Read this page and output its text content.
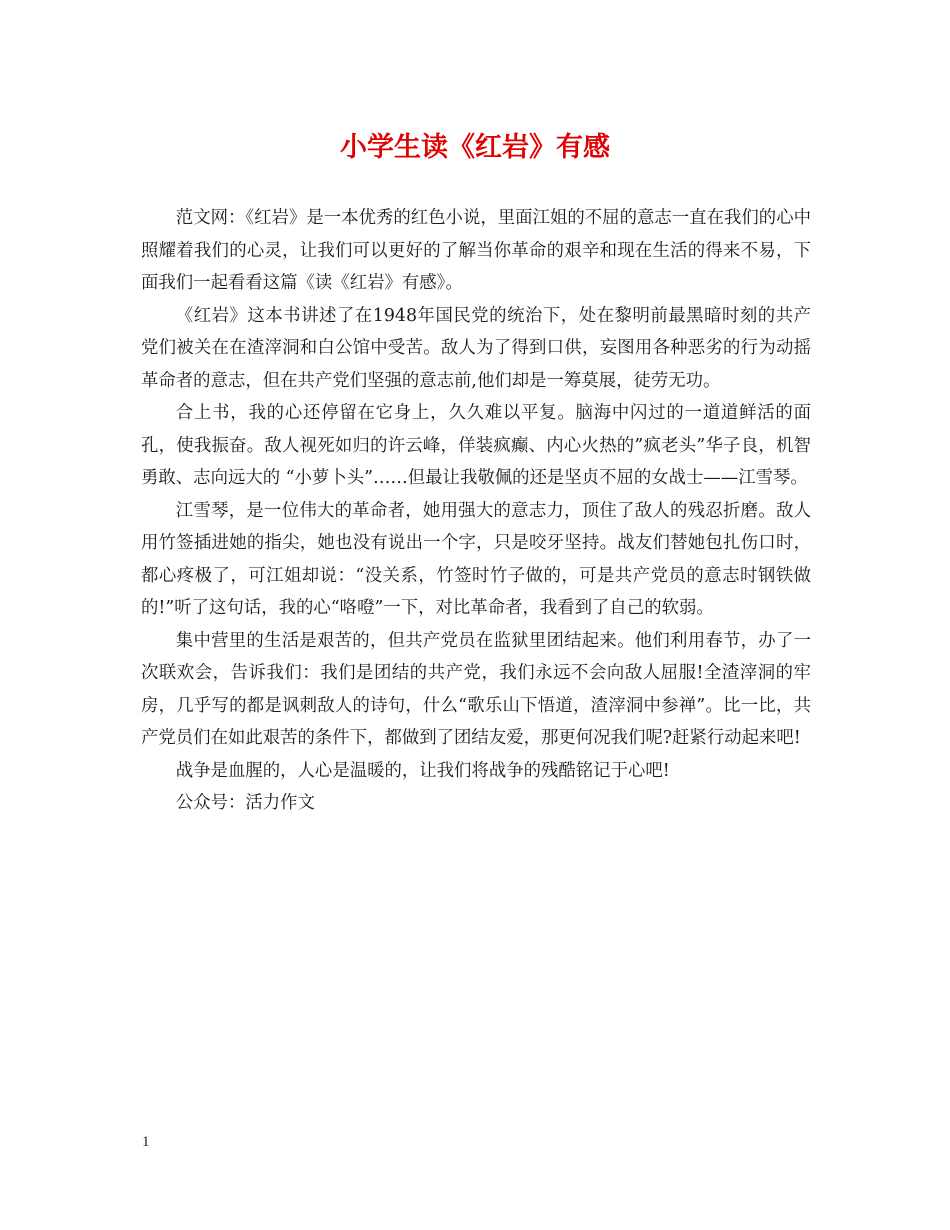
小学生读《红岩》有感

范文网：《红岩》是一本优秀的红色小说，里面江姐的不屈的意志一直在我们的心中照耀着我们的心灵，让我们可以更好的了解当你革命的艰辛和现在生活的得来不易，下面我们一起看看这篇《读《红岩》有感》。

《红岩》这本书讲述了在1948年国民党的统治下，处在黎明前最黑暗时刻的共产党们被关在在渣滓洞和白公馆中受苦。敌人为了得到口供，妄图用各种恶劣的行为动摇革命者的意志，但在共产党们坚强的意志前,他们却是一筹莫展，徒劳无功。

合上书，我的心还停留在它身上，久久难以平复。脑海中闪过的一道道鲜活的面孔，使我振奋。敌人视死如归的许云峰，佯装疯癫、内心火热的”疯老头”华子良，机智勇敢、志向远大的 “小萝卜头”……但最让我敬佩的还是坚贞不屈的女战士——江雪琴。

江雪琴，是一位伟大的革命者，她用强大的意志力，顶住了敌人的残忍折磨。敌人用竹签插进她的指尖，她也没有说出一个字，只是咬牙坚持。战友们替她包扎伤口时，都心疼极了，可江姐却说：“没关系，竹签时竹子做的，可是共产党员的意志时钢铁做的!”听了这句话，我的心“咯噔”一下，对比革命者，我看到了自己的软弱。

集中营里的生活是艰苦的，但共产党员在监狱里团结起来。他们利用春节，办了一次联欢会，告诉我们：我们是团结的共产党，我们永远不会向敌人屈服!全渣滓洞的牢房，几乎写的都是讽刺敌人的诗句，什么“歌乐山下悟道，渣滓洞中参禅”。比一比，共产党员们在如此艰苦的条件下，都做到了团结友爱，那更何况我们呢?赶紧行动起来吧!

战争是血腥的，人心是温暖的，让我们将战争的残酷铭记于心吧!

公众号：活力作文

1
